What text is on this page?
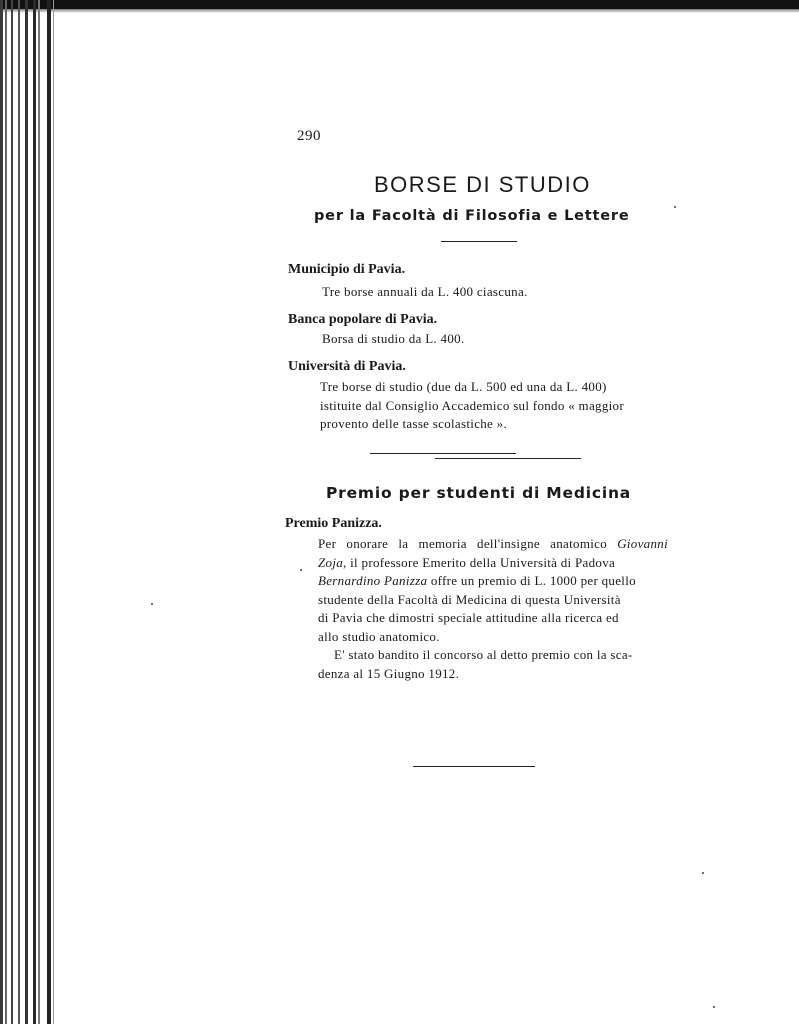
290
BORSE DI STUDIO
per la Facoltà di Filosofia e Lettere
Municipio di Pavia.
Tre borse annuali da L. 400 ciascuna.
Banca popolare di Pavia.
Borsa di studio da L. 400.
Università di Pavia.
Tre borse di studio (due da L. 500 ed una da L. 400)
istituite dal Consiglio Accademico sul fondo « maggior
provento delle tasse scolastiche ».
Premio per studenti di Medicina
Premio Panizza.
Per onorare la memoria dell'insigne anatomico Giovanni
Zoja, il professore Emerito della Università di Padova
Bernardino Panizza offre un premio di L. 1000 per quello
studente della Facoltà di Medicina di questa Università
di Pavia che dimostri speciale attitudine alla ricerca ed
allo studio anatomico.
E' stato bandito il concorso al detto premio con la sca-
denza al 15 Giugno 1912.
